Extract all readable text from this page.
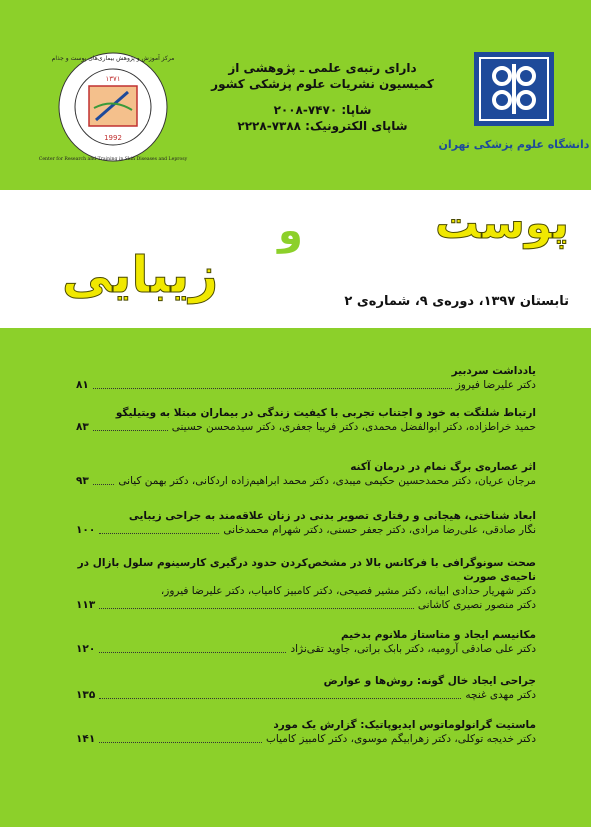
دانشگاه علوم پزشکی تهران
۱۳۷۱
1992
مرکز آموزش و پژوهش بیماری‌های پوست و جذام
Center for Research and Training in Skin Diseases and Leprosy
دارای رتبه‌ی علمی ـ پژوهشی از
کمیسیون نشریات علوم پزشکی کشور
شاپا: ۷۴۷۰-۲۰۰۸
شاپای الکترونیک: ۷۳۸۸-۲۲۲۸
پوست
و
زیبایی	تابستان ۱۳۹۷، دوره‌ی ۹، شماره‌ی ۲
یادداشت سردبیر
دکتر علیرضا فیروز
۸۱
ارتباط شلتگت به خود و اجتناب تجربی با کیفیت زندگی در بیماران مبتلا به ویتیلیگو
حمید خراطزاده، دکتر ابوالفضل محمدی، دکتر فریبا جعفری، دکتر سیدمحسن حسینی
۸۳
اثر عصاره‌ی برگ نمام در درمان آکنه
مرجان عریان، دکتر محمدحسین حکیمی میبدی، دکتر محمد ابراهیم‌زاده اردکانی، دکتر بهمن کیانی
۹۳
ابعاد شناختی، هیجانی و رفتاری تصویر بدنی در زنان علاقه‌مند به جراحی زیبایی
نگار صادقی، علی‌رضا مرادی، دکتر جعفر حسنی، دکتر شهرام محمدخانی
۱۰۰
صحت سونوگرافی با فرکانس بالا در مشخص‌کردن حدود درگیری کارسینوم سلول بازال در ناحیه‌ی صورت
دکتر شهریار حدادی ابیانه، دکتر مشیر فصیحی، دکتر کامبیز کامیاب، دکتر علیرضا فیروز،
دکتر منصور نصیری کاشانی
۱۱۳
مکانیسم ایجاد و متاستاز ملانوم بدخیم
دکتر علی صادقی آرومیه، دکتر بابک براتی، جاوید تقی‌نژاد
۱۲۰
جراحی ایجاد خال گونه: روش‌ها و عوارض
دکتر مهدی غنچه
۱۳۵
ماستیت گرانولوماتوس ایدیوپاتیک: گزارش یک مورد
دکتر خدیجه توکلی، دکتر زهرابیگم موسوی، دکتر کامبیز کامیاب
۱۴۱
